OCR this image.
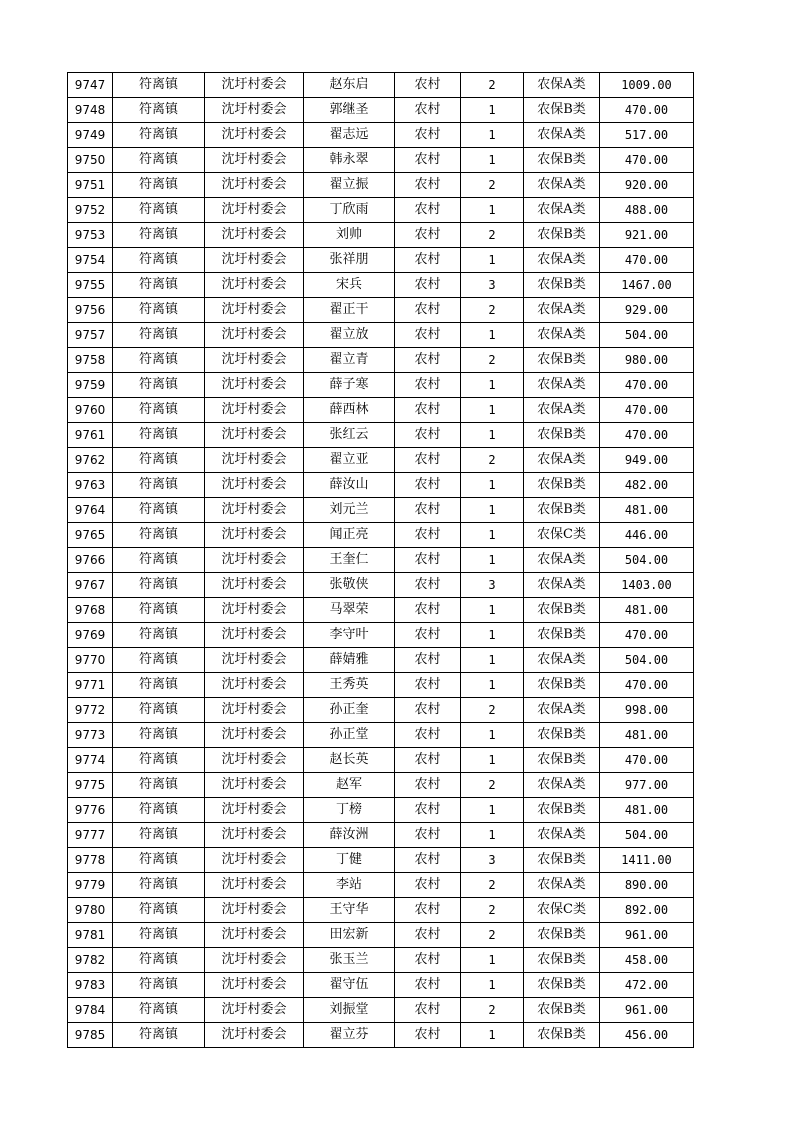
9747	符离镇	沈圩村委会	赵东启	农村	2	农保A类	1009.00
9748	符离镇	沈圩村委会	郭继圣	农村	1	农保B类	470.00
9749	符离镇	沈圩村委会	翟志远	农村	1	农保A类	517.00
9750	符离镇	沈圩村委会	韩永翠	农村	1	农保B类	470.00
9751	符离镇	沈圩村委会	翟立振	农村	2	农保A类	920.00
9752	符离镇	沈圩村委会	丁欣雨	农村	1	农保A类	488.00
9753	符离镇	沈圩村委会	刘帅	农村	2	农保B类	921.00
9754	符离镇	沈圩村委会	张祥朋	农村	1	农保A类	470.00
9755	符离镇	沈圩村委会	宋兵	农村	3	农保B类	1467.00
9756	符离镇	沈圩村委会	翟正干	农村	2	农保A类	929.00
9757	符离镇	沈圩村委会	翟立放	农村	1	农保A类	504.00
9758	符离镇	沈圩村委会	翟立青	农村	2	农保B类	980.00
9759	符离镇	沈圩村委会	薛子寒	农村	1	农保A类	470.00
9760	符离镇	沈圩村委会	薛西林	农村	1	农保A类	470.00
9761	符离镇	沈圩村委会	张红云	农村	1	农保B类	470.00
9762	符离镇	沈圩村委会	翟立亚	农村	2	农保A类	949.00
9763	符离镇	沈圩村委会	薛汝山	农村	1	农保B类	482.00
9764	符离镇	沈圩村委会	刘元兰	农村	1	农保B类	481.00
9765	符离镇	沈圩村委会	闻正亮	农村	1	农保C类	446.00
9766	符离镇	沈圩村委会	王奎仁	农村	1	农保A类	504.00
9767	符离镇	沈圩村委会	张敬侠	农村	3	农保A类	1403.00
9768	符离镇	沈圩村委会	马翠荣	农村	1	农保B类	481.00
9769	符离镇	沈圩村委会	李守叶	农村	1	农保B类	470.00
9770	符离镇	沈圩村委会	薛婧雅	农村	1	农保A类	504.00
9771	符离镇	沈圩村委会	王秀英	农村	1	农保B类	470.00
9772	符离镇	沈圩村委会	孙正奎	农村	2	农保A类	998.00
9773	符离镇	沈圩村委会	孙正堂	农村	1	农保B类	481.00
9774	符离镇	沈圩村委会	赵长英	农村	1	农保B类	470.00
9775	符离镇	沈圩村委会	赵军	农村	2	农保A类	977.00
9776	符离镇	沈圩村委会	丁榜	农村	1	农保B类	481.00
9777	符离镇	沈圩村委会	薛汝洲	农村	1	农保A类	504.00
9778	符离镇	沈圩村委会	丁健	农村	3	农保B类	1411.00
9779	符离镇	沈圩村委会	李站	农村	2	农保A类	890.00
9780	符离镇	沈圩村委会	王守华	农村	2	农保C类	892.00
9781	符离镇	沈圩村委会	田宏新	农村	2	农保B类	961.00
9782	符离镇	沈圩村委会	张玉兰	农村	1	农保B类	458.00
9783	符离镇	沈圩村委会	翟守伍	农村	1	农保B类	472.00
9784	符离镇	沈圩村委会	刘振堂	农村	2	农保B类	961.00
9785	符离镇	沈圩村委会	翟立芬	农村	1	农保B类	456.00
